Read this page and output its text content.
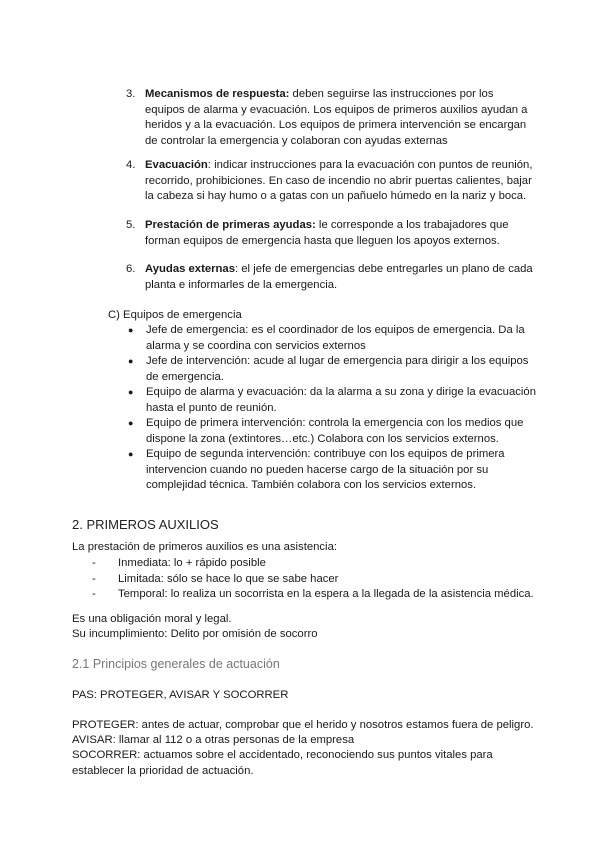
3. Mecanismos de respuesta: deben seguirse las instrucciones por los equipos de alarma y evacuación. Los equipos de primeros auxilios ayudan a heridos y a la evacuación. Los equipos de primera intervención se encargan de controlar la emergencia y colaboran con ayudas externas
4. Evacuación: indicar instrucciones para la evacuación con puntos de reunión, recorrido, prohibiciones. En caso de incendio no abrir puertas calientes, bajar la cabeza si hay humo o a gatas con un pañuelo húmedo en la nariz y boca.
5. Prestación de primeras ayudas: le corresponde a los trabajadores que forman equipos de emergencia hasta que lleguen los apoyos externos.
6. Ayudas externas: el jefe de emergencias debe entregarles un plano de cada planta e informarles de la emergencia.
C) Equipos de emergencia
● Jefe de emergencia: es el coordinador de los equipos de emergencia. Da la alarma y se coordina con servicios externos
● Jefe de intervención: acude al lugar de emergencia para dirigir a los equipos de emergencia.
● Equipo de alarma y evacuación: da la alarma a su zona y dirige la evacuación hasta el punto de reunión.
● Equipo de primera intervención: controla la emergencia con los medios que dispone la zona (extintores…etc.) Colabora con los servicios externos.
● Equipo de segunda intervención: contribuye con los equipos de primera intervencion cuando no pueden hacerse cargo de la situación por su complejidad técnica. También colabora con los servicios externos.
2. PRIMEROS AUXILIOS
La prestación de primeros auxilios es una asistencia:
- Inmediata: lo + rápido posible
- Limitada: sólo se hace lo que se sabe hacer
- Temporal: lo realiza un socorrista en la espera a la llegada de la asistencia médica.
Es una obligación moral y legal.
Su incumplimiento: Delito por omisión de socorro
2.1 Principios generales de actuación
PAS: PROTEGER, AVISAR Y SOCORRER
PROTEGER: antes de actuar, comprobar que el herido y nosotros estamos fuera de peligro.
AVISAR: llamar al 112 o a otras personas de la empresa
SOCORRER: actuamos sobre el accidentado, reconociendo sus puntos vitales para establecer la prioridad de actuación.
